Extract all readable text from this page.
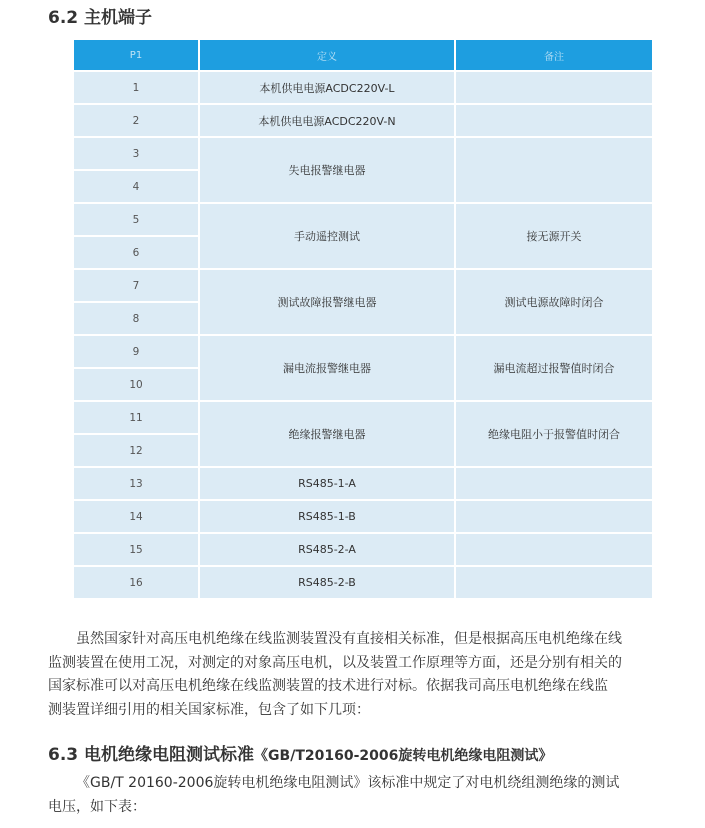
6.2 主机端子
P1	定义	备注
1	本机供电电源ACDC220V-L	
2	本机供电电源ACDC220V-N	
3	失电报警继电器	
4		
5	手动遥控测试	接无源开关
6		
7	测试故障报警继电器	测试电源故障时闭合
8		
9	漏电流报警继电器	漏电流超过报警值时闭合
10		
11	绝缘报警继电器	绝缘电阻小于报警值时闭合
12		
13	RS485-1-A	
14	RS485-1-B	
15	RS485-2-A	
16	RS485-2-B	

虽然国家针对高压电机绝缘在线监测装置没有直接相关标准，但是根据高压电机绝缘在线
监测装置在使用工况，对测定的对象高压电机，以及装置工作原理等方面，还是分别有相关的
国家标准可以对高压电机绝缘在线监测装置的技术进行对标。依据我司高压电机绝缘在线监
测装置详细引用的相关国家标准，包含了如下几项：

6.3 电机绝缘电阻测试标准《GB/T20160-2006旋转电机绝缘电阻测试》

《GB/T 20160-2006旋转电机绝缘电阻测试》该标准中规定了对电机绕组测绝缘的测试
电压，如下表：
